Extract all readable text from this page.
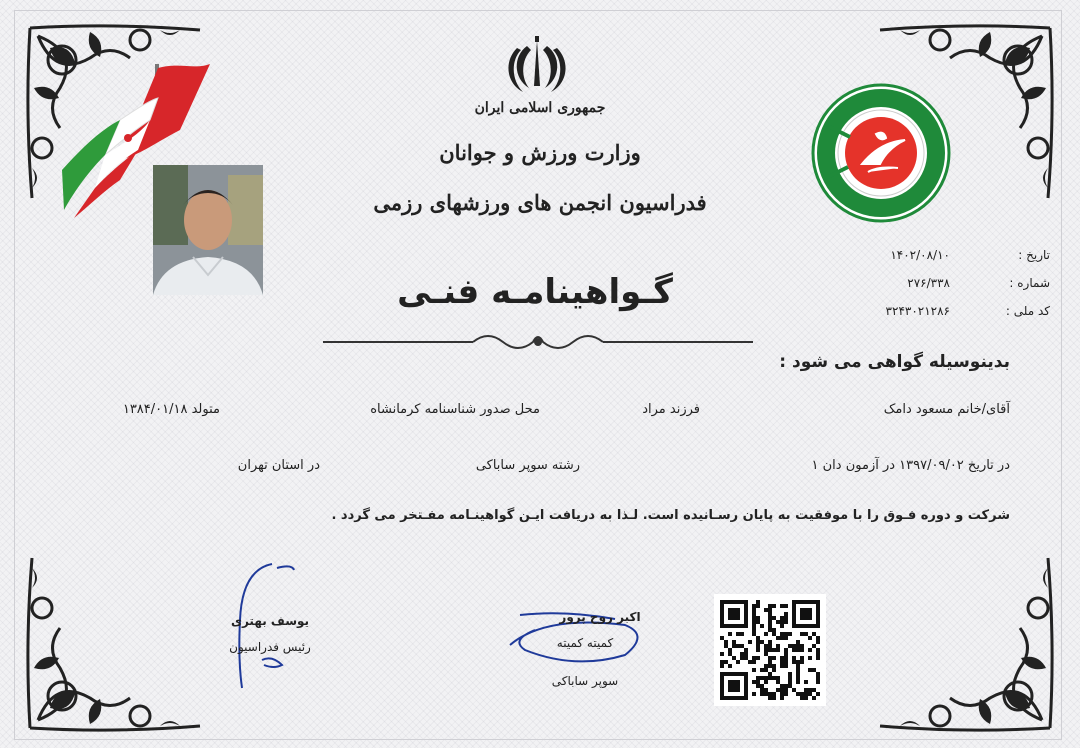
جمهوری اسلامی ایران
وزارت ورزش و جوانان
فدراسیون انجمن های ورزشهای رزمی
گـواهینامـه فنـی
تاریخ :
۱۴۰۲/۰۸/۱۰
شماره :
۲۷۶/۳۳۸
کد ملی :
۳۲۴۳۰۲۱۲۸۶
بدینوسیله گواهی می شود :
آقای/خانم مسعود دامک
فرزند مراد
محل صدور شناسنامه کرمانشاه
متولد ۱۳۸۴/۰۱/۱۸
در تاریخ ۱۳۹۷/۰۹/۰۲ در آزمون دان ۱
رشته سوپر ساباکی
در استان تهران
شرکت و دوره فـوق را با موفقیت به پایان رسـانیده است. لـذا به دریافت ایـن گواهینـامه مفـتخر می گردد .
یوسف بهتری
رئیس فدراسیون
اکبر روح پرور
کمیته کمیته
سوپر ساباکی
